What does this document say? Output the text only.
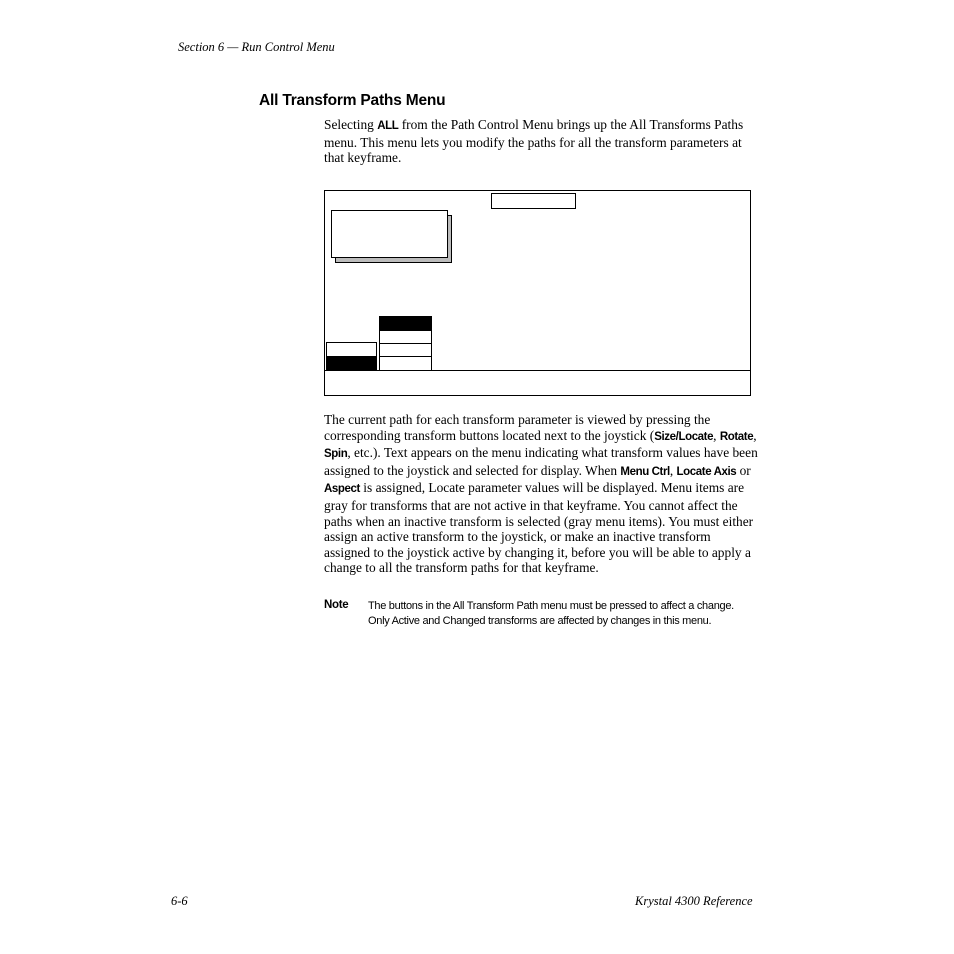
Section 6 — Run Control Menu
All Transform Paths Menu
Selecting ALL from the Path Control Menu brings up the All Transforms Paths menu. This menu lets you modify the paths for all the transform parameters at that keyframe.
The current path for each transform parameter is viewed by pressing the corresponding transform buttons located next to the joystick (Size/Locate, Rotate, Spin, etc.). Text appears on the menu indicating what transform values have been assigned to the joystick and selected for display. When Menu Ctrl, Locate Axis or Aspect is assigned, Locate parameter values will be displayed. Menu items are gray for transforms that are not active in that keyframe. You cannot affect the paths when an inactive transform is selected (gray menu items). You must either assign an active transform to the joystick, or make an inactive transform assigned to the joystick active by changing it, before you will be able to apply a change to all the transform paths for that keyframe.
Note The buttons in the All Transform Path menu must be pressed to affect a change. Only Active and Changed transforms are affected by changes in this menu.
6-6	Krystal 4300 Reference
